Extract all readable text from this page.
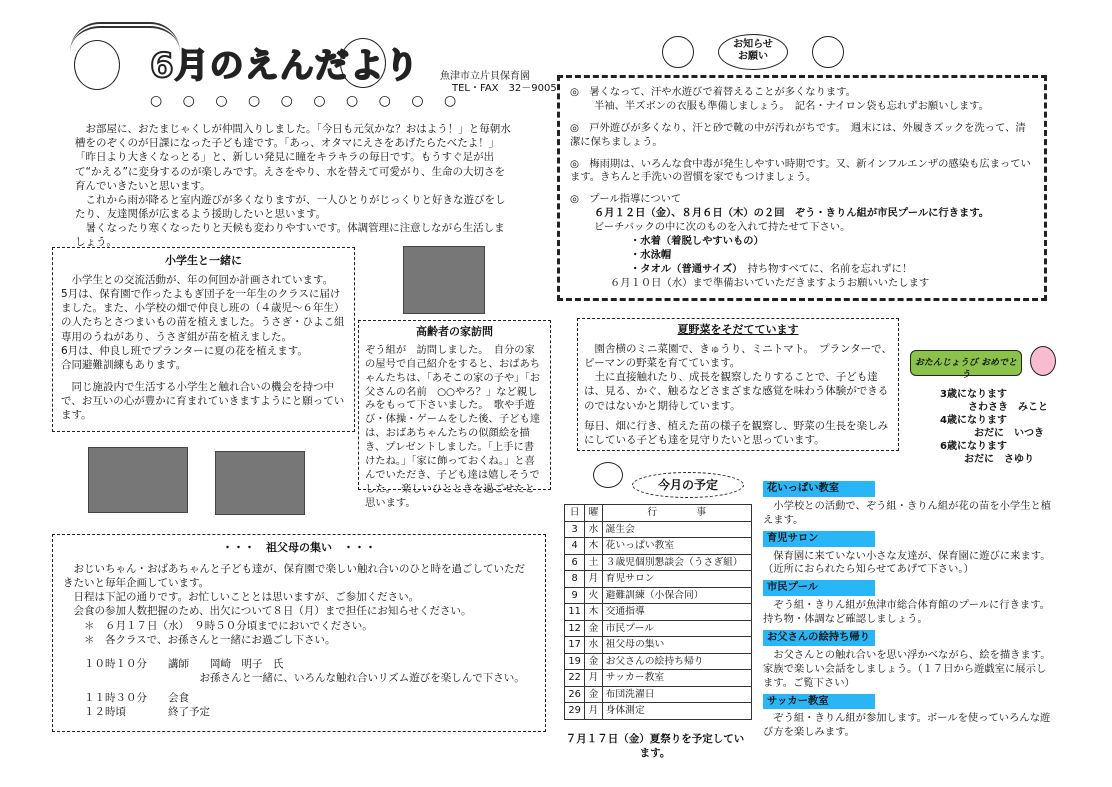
6月のえんだより
○ ○ ○ ○ ○ ○ ○ ○ ○ ○
魚津市立片貝保育園
TEL・FAX　32－9005
お知らせ
お願い

お部屋に、おたまじゃくしが仲間入りしました。「今日も元気かな？おはよう！」と毎朝水槽をのぞくのが日課になった子ども達です。「あっ、オタマにえさをあげたらたべたよ！」「昨日より大きくなっとる」と、新しい発見に瞳をキラキラの毎日です。もうすぐ足が出て“かえる”に変身するのが楽しみです。えさをやり、水を替えて可愛がり、生命の大切さを育んでいきたいと思います。

これから雨が降ると室内遊びが多くなりますが、一人ひとりがじっくりと好きな遊びをしたり、友達関係が広まるよう援助したいと思います。

暑くなったり寒くなったりと天候も変わりやすいです。体調管理に注意しながら生活しましょう。

◎　暑くなって、汗や水遊びで着替えることが多くなります。
半袖、半ズボンの衣服も準備しましょう。　記名・ナイロン袋も忘れずお願いします。
◎　戸外遊びが多くなり、汗と砂で靴の中が汚れがちです。　週末には、外履きズックを洗って、清潔に保ちましょう。
◎　梅雨期は、いろんな食中毒が発生しやすい時期です。又、新インフルエンザの感染も広まっています。きちんと手洗いの習慣を家でもつけましょう。
◎　プール指導について
６月１２日（金）、８月６日（木）の２回　ぞう・きりん組が市民プールに行きます。
ビーチバックの中に次のものを入れて持たせて下さい。
・水着（着脱しやすいもの）
・水泳帽
・タオル（普通サイズ）　 持ち物すべてに、名前を忘れずに！
６月１０日（水）まで準備おいていただきますようお願いいたします
小学生と一緒に

小学生との交流活動が、年の何回か計画されています。

5月は、保育園で作ったよもぎ団子を一年生のクラスに届けました。また、小学校の畑で仲良し班の（４歳児～６年生）の人たちとさつまいもの苗を植えました。うさぎ・ひよこ組専用のうねがあり、うさぎ組が苗を植えました。

6月は、仲良し班でプランターに夏の花を植えます。

合同避難訓練もあります。

同じ施設内で生活する小学生と触れ合いの機会を持つ中で、お互いの心が豊かに育まれていきますようにと願っています。

高齢者の家訪問

ぞう組が　訪問しました。　自分の家の屋号で自己紹介をすると、おばあちゃんたちは、「あそこの家の子や」「お父さんの名前　○○やろ？」など親しみをもって下さいました。　歌や手遊び・体操・ゲームをした後、子ども達は、おばあちゃんたちの似顔絵を描き、プレゼントしました。「上手に書けたね。」「家に飾っておくね。」と喜んでいただき、子ども達は嬉しそうでした。　楽しいひとときを過ごせたと思います。

夏野菜をそだてています

園舎横のミニ菜園で、きゅうり、ミニトマト。　プランターで、ピーマンの野菜を育てています。

土に直接触れたり、成長を観察したりすることで、子ども達は、見る、かぐ、触るなどさまざまな感覚を味わう体験ができるのではないかと期待しています。

毎日、畑に行き、植えた苗の様子を観察し、野菜の生長を楽しみにしている子ども達を見守りたいと思っています。

おたんじょうび おめでとう
3歳になります
さわさき　みこと
4歳になります
おだに　いつき
6歳になります
おだに　さゆり
・・・　祖父母の集い　・・・

おじいちゃん・おばあちゃんと子ども達が、保育園で楽しい触れ合いのひと時を過ごしていただきたいと毎年企画しています。

日程は下記の通りです。お忙しいこととは思いますが、ご参加ください。

会食の参加人数把握のため、出欠について８日（月）まで担任にお知らせください。

＊　６月１７日（水）　９時５０分頃までにおいでください。

＊　各クラスで、お孫さんと一緒にお過ごし下さい。

１０時１０分　　講師　　岡崎　明子　氏

お孫さんと一緒に、いろんな触れ合いリズム遊びを楽しんで下さい。

１１時３０分　　会食

１２時頃　　　　終了予定

今月の予定
日	曜	行　　　　事
3	水	誕生会
4	木	花いっぱい教室
6	土	３歳児個別懇談会（うさぎ組）
8	月	育児サロン
9	火	避難訓練（小保合同）
11	木	交通指導
12	金	市民プール
17	水	祖父母の集い
19	金	お父さんの絵持ち帰り
22	月	サッカー教室
26	金	布団洗濯日
29	月	身体測定
７月１７日（金）夏祭りを予定しています。
花いっぱい教室

小学校との活動で、ぞう組・きりん組が花の苗を小学生と植えます。

育児サロン

保育園に来ていない小さな友達が、保育園に遊びに来ます。（近所におられたら知らせてあげて下さい。）

市民プール

ぞう組・きりん組が魚津市総合体育館のプールに行きます。持ち物・体調など確認しましょう。

お父さんの絵持ち帰り

お父さんとの触れ合いを思い浮かべながら、絵を描きます。　家族で楽しい会話をしましょう。（１７日から遊戯室に展示します。ご覧下さい）

サッカー教室

ぞう組・きりん組が参加します。ボールを使っていろんな遊び方を楽しみます。
